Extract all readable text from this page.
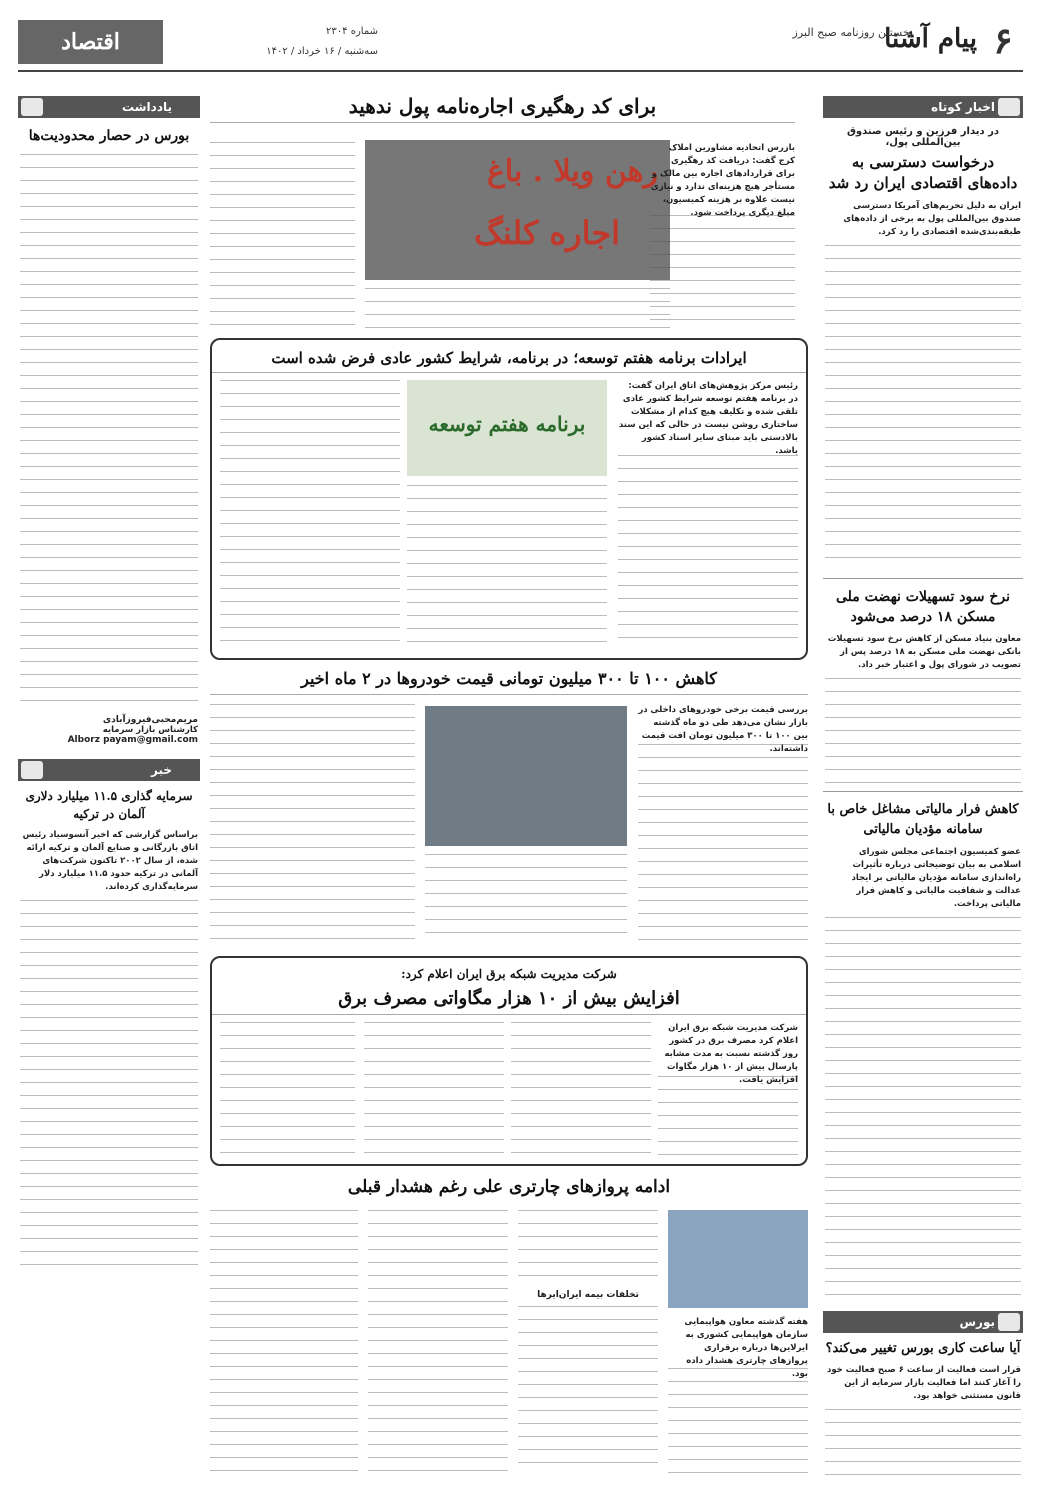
۶
پیام آشنا
نخستین روزنامه صبح البرز
شماره ۲۳۰۴
سه‌شنبه / ۱۶ خرداد / ۱۴۰۲
اقتصاد
اخبار کوتاه
در دیدار فرزین و رئیس صندوق بین‌المللی پول،
درخواست دسترسی به داده‌های اقتصادی ایران رد شد
ایران به دلیل تحریم‌های آمریکا دسترسی صندوق بین‌المللی پول به برخی از داده‌های طبقه‌بندی‌شده اقتصادی را رد کرد.
نرخ سود تسهیلات نهضت ملی مسکن ۱۸ درصد می‌شود
معاون بنیاد مسکن از کاهش نرخ سود تسهیلات بانکی نهضت ملی مسکن به ۱۸ درصد پس از تصویب در شورای پول و اعتبار خبر داد.
کاهش فرار مالیاتی مشاغل خاص با سامانه مؤدیان مالیاتی
عضو کمیسیون اجتماعی مجلس شورای اسلامی به بیان توضیحاتی درباره تأثیرات راه‌اندازی سامانه مؤدیان مالیاتی بر ایجاد عدالت و شفافیت مالیاتی و کاهش فرار مالیاتی پرداخت.
بورس
آیا ساعت کاری بورس تغییر می‌کند؟
قرار است فعالیت از ساعت ۶ صبح فعالیت خود را آغاز کنند اما فعالیت بازار سرمایه از این قانون مستثنی خواهد بود.
برای کد رهگیری اجاره‌نامه پول ندهید
رهن ویلا . باغ
اجاره کلنگ
بازرس اتحادیه مشاورین املاک کرج گفت: دریافت کد رهگیری برای قراردادهای اجاره بین مالک و مستأجر هیچ هزینه‌ای ندارد و نیازی نیست علاوه بر هزینه کمیسیون، مبلغ دیگری پرداخت شود.
ایرادات برنامه هفتم توسعه؛ در برنامه، شرایط کشور عادی فرض شده است
برنامه هفتم توسعه
رئیس مرکز پژوهش‌های اتاق ایران گفت: در برنامه هفتم توسعه شرایط کشور عادی تلقی شده و تکلیف هیچ کدام از مشکلات ساختاری روشن نیست در حالی که این سند بالادستی باید مبنای سایر اسناد کشور باشد.
کاهش ۱۰۰ تا ۳۰۰ میلیون تومانی قیمت خودروها در ۲ ماه اخیر
بررسی قیمت برخی خودروهای داخلی در بازار نشان می‌دهد طی دو ماه گذشته بین ۱۰۰ تا ۳۰۰ میلیون تومان افت قیمت داشته‌اند.
شرکت مدیریت شبکه برق ایران اعلام کرد:
افزایش بیش از ۱۰ هزار مگاواتی مصرف برق
شرکت مدیریت شبکه برق ایران اعلام کرد مصرف برق در کشور روز گذشته نسبت به مدت مشابه پارسال بیش از ۱۰ هزار مگاوات افزایش یافت.
ادامه پروازهای چارتری علی رغم هشدار قبلی
هفته گذشته معاون هواپیمایی سازمان هواپیمایی کشوری به ایرلاین‌ها درباره برقراری پروازهای چارتری هشدار داده بود.
تخلفات بیمه ایران‌ایرها
یادداشت
بورس در حصار محدودیت‌ها
مریم‌محبی‌فیروزآبادی
کارشناس بازار سرمایه
Alborz payam@gmail.com
خبر
سرمایه گذاری ۱۱.۵ میلیارد دلاری آلمان در ترکیه
براساس گزارشی که اخیر آنسوسیاد رئیس اتاق بازرگانی و صنایع آلمان و ترکیه ارائه شده، از سال ۲۰۰۲ تاکنون شرکت‌های آلمانی در ترکیه حدود ۱۱.۵ میلیارد دلار سرمایه‌گذاری کرده‌اند.
